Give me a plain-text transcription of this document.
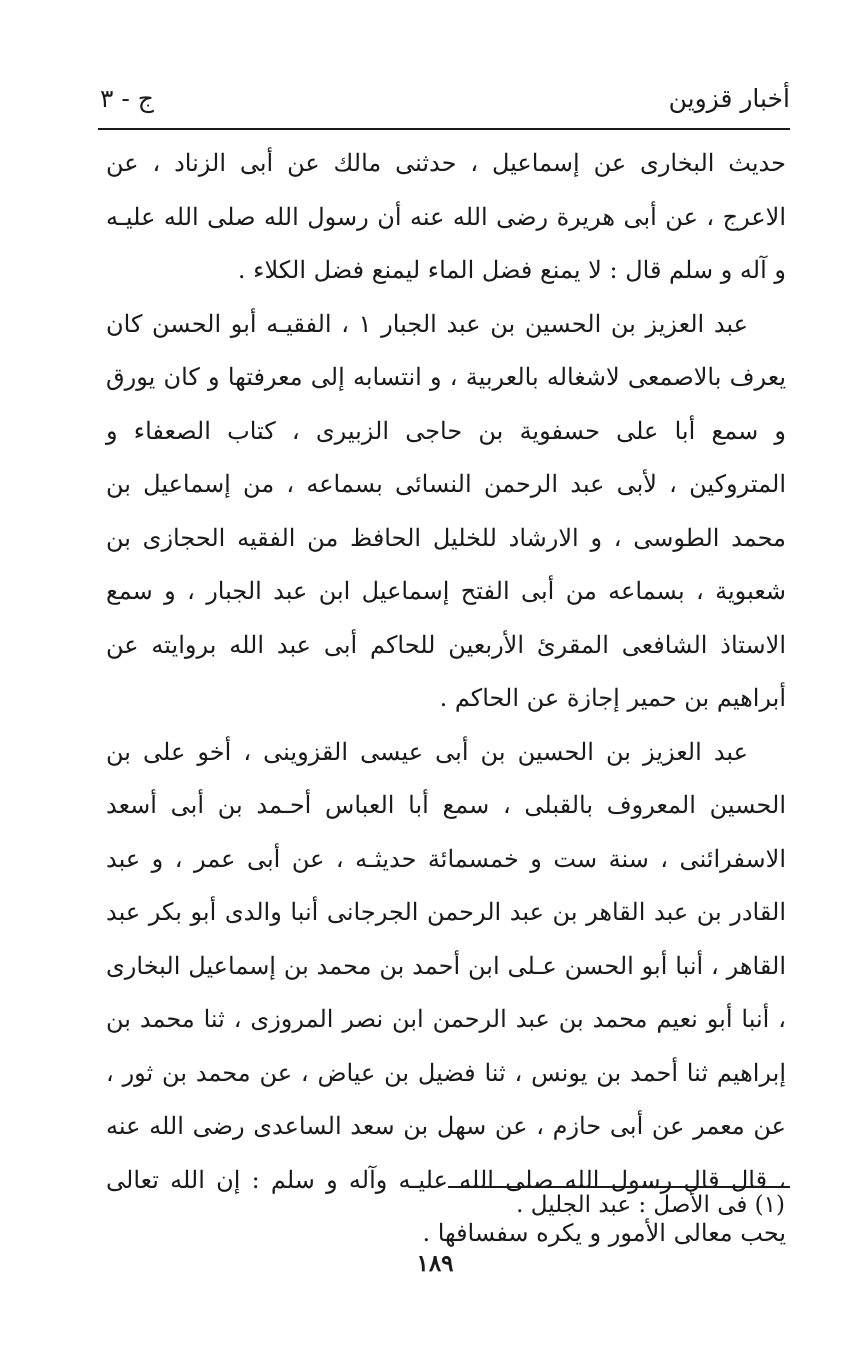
أخبار قزوين
ج - ٣

حديث البخارى عن إسماعيل ، حدثنى مالك عن أبى الزناد ، عن الاعرج ، عن أبى هريرة رضى الله عنه أن رسول الله صلى الله عليـه و آله و سلم قال : لا يمنع فضل الماء ليمنع فضل الكلاء .

عبد العزيز بن الحسين بن عبد الجبار ١ ، الفقيـه أبو الحسن كان يعرف بالاصمعى لاشغاله بالعربية ، و انتسابه إلى معرفتها و كان يورق و سمع أبا على حسفوية بن حاجى الزبيرى ، كتاب الصعفاء و المتروكين ، لأبى عبد الرحمن النسائى بسماعه ، من إسماعيل بن محمد الطوسى ، و الارشاد للخليل الحافظ من الفقيه الحجازى بن شعبوية ، بسماعه من أبى الفتح إسماعيل ابن عبد الجبار ، و سمع الاستاذ الشافعى المقرئ الأربعين للحاكم أبى عبد الله بروايته عن أبراهيم بن حمير إجازة عن الحاكم .

عبد العزيز بن الحسين بن أبى عيسى القزوينى ، أخو على بن الحسين المعروف بالقبلى ، سمع أبا العباس أحـمد بن أبى أسعد الاسفرائنى ، سنة ست و خمسمائة حديثـه ، عن أبى عمر ، و عبد القادر بن عبد القاهر بن عبد الرحمن الجرجانى أنبا والدى أبو بكر عبد القاهر ، أنبا أبو الحسن عـلى ابن أحمد بن محمد بن إسماعيل البخارى ، أنبا أبو نعيم محمد بن عبد الرحمن ابن نصر المروزى ، ثنا محمد بن إبراهيم ثنا أحمد بن يونس ، ثنا فضيل بن عياض ، عن محمد بن ثور ، عن معمر عن أبى حازم ، عن سهل بن سعد الساعدى رضى الله عنه ، قال قال رسول الله صلى الله عليـه وآله و سلم : إن الله تعالى يحب معالى الأمور و يكره سفسافها .

(١) فى الأصل : عبد الجليل .
١٨٩
